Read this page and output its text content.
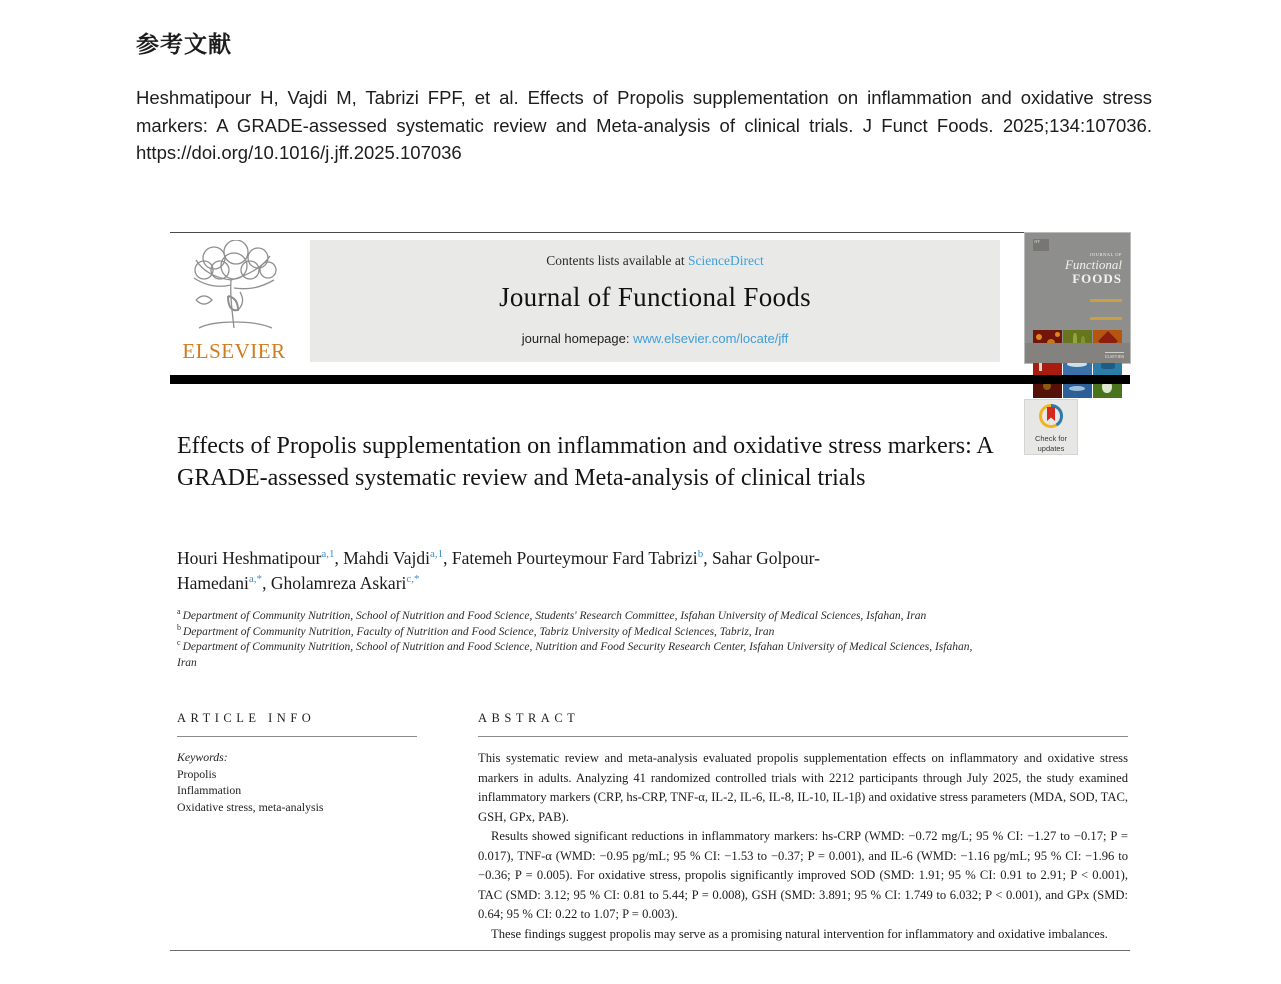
参考文献

Heshmatipour H, Vajdi M, Tabrizi FPF, et al. Effects of Propolis supplementation on inflammation and oxidative stress markers: A GRADE-assessed systematic review and Meta-analysis of clinical trials. J Funct Foods. 2025;134:107036. https://doi.org/10.1016/j.jff.2025.107036

ELSEVIER
Contents lists available at ScienceDirect
Journal of Functional Foods
journal homepage: www.elsevier.com/locate/jff
JFF
JOURNAL OF
Functional
FOODS

ELSEVIER
Effects of Propolis supplementation on inflammation and oxidative stress markers: A GRADE-assessed systematic review and Meta-analysis of clinical trials
Check for
updates
Houri Heshmatipour$^{a,1}$, Mahdi Vajdi$^{a,1}$, Fatemeh Pourteymour Fard Tabrizi$^b$, Sahar Golpour-Hamedani$^{a,*}$, Gholamreza Askari$^{c,*}$
$^a$ Department of Community Nutrition, School of Nutrition and Food Science, Students' Research Committee, Isfahan University of Medical Sciences, Isfahan, Iran
$^b$ Department of Community Nutrition, Faculty of Nutrition and Food Science, Tabriz University of Medical Sciences, Tabriz, Iran
$^c$ Department of Community Nutrition, School of Nutrition and Food Science, Nutrition and Food Security Research Center, Isfahan University of Medical Sciences, Isfahan, Iran
ARTICLE INFO
Keywords:
Propolis
Inflammation
Oxidative stress, meta-analysis
ABSTRACT

This systematic review and meta-analysis evaluated propolis supplementation effects on inflammatory and oxidative stress markers in adults. Analyzing 41 randomized controlled trials with 2212 participants through July 2025, the study examined inflammatory markers (CRP, hs-CRP, TNF-α, IL-2, IL-6, IL-8, IL-10, IL-1β) and oxidative stress parameters (MDA, SOD, TAC, GSH, GPx, PAB).

Results showed significant reductions in inflammatory markers: hs-CRP (WMD: −0.72 mg/L; 95 % CI: −1.27 to −0.17; P = 0.017), TNF-α (WMD: −0.95 pg/mL; 95 % CI: −1.53 to −0.37; P = 0.001), and IL-6 (WMD: −1.16 pg/mL; 95 % CI: −1.96 to −0.36; P = 0.005). For oxidative stress, propolis significantly improved SOD (SMD: 1.91; 95 % CI: 0.91 to 2.91; P < 0.001), TAC (SMD: 3.12; 95 % CI: 0.81 to 5.44; P = 0.008), GSH (SMD: 3.891; 95 % CI: 1.749 to 6.032; P < 0.001), and GPx (SMD: 0.64; 95 % CI: 0.22 to 1.07; P = 0.003).

These findings suggest propolis may serve as a promising natural intervention for inflammatory and oxidative imbalances.
